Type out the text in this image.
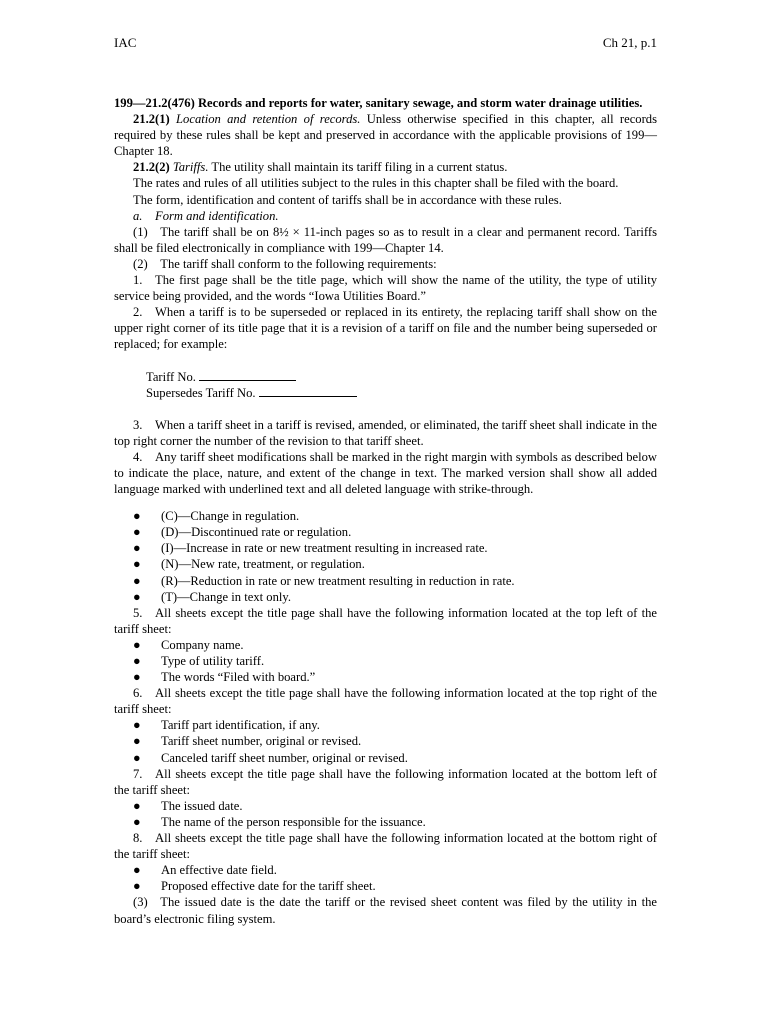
IAC	Ch 21, p.1

199—21.2(476) Records and reports for water, sanitary sewage, and storm water drainage utilities.

21.2(1) Location and retention of records. Unless otherwise specified in this chapter, all records required by these rules shall be kept and preserved in accordance with the applicable provisions of 199—Chapter 18.

21.2(2) Tariffs. The utility shall maintain its tariff filing in a current status.

The rates and rules of all utilities subject to the rules in this chapter shall be filed with the board.

The form, identification and content of tariffs shall be in accordance with these rules.

a. Form and identification.

(1) The tariff shall be on 8½ × 11-inch pages so as to result in a clear and permanent record. Tariffs shall be filed electronically in compliance with 199—Chapter 14.

(2) The tariff shall conform to the following requirements:

1. The first page shall be the title page, which will show the name of the utility, the type of utility service being provided, and the words “Iowa Utilities Board.”

2. When a tariff is to be superseded or replaced in its entirety, the replacing tariff shall show on the upper right corner of its title page that it is a revision of a tariff on file and the number being superseded or replaced; for example:

Tariff No.

Supersedes Tariff No.

3. When a tariff sheet in a tariff is revised, amended, or eliminated, the tariff sheet shall indicate in the top right corner the number of the revision to that tariff sheet.

4. Any tariff sheet modifications shall be marked in the right margin with symbols as described below to indicate the place, nature, and extent of the change in text. The marked version shall show all added language marked with underlined text and all deleted language with strike-through.

●	(C)—Change in regulation.

●	(D)—Discontinued rate or regulation.

●	(I)—Increase in rate or new treatment resulting in increased rate.

●	(N)—New rate, treatment, or regulation.

●	(R)—Reduction in rate or new treatment resulting in reduction in rate.

●	(T)—Change in text only.

5. All sheets except the title page shall have the following information located at the top left of the tariff sheet:

●	Company name.

●	Type of utility tariff.

●	The words “Filed with board.”

6. All sheets except the title page shall have the following information located at the top right of the tariff sheet:

●	Tariff part identification, if any.

●	Tariff sheet number, original or revised.

●	Canceled tariff sheet number, original or revised.

7. All sheets except the title page shall have the following information located at the bottom left of the tariff sheet:

●	The issued date.

●	The name of the person responsible for the issuance.

8. All sheets except the title page shall have the following information located at the bottom right of the tariff sheet:

●	An effective date field.

●	Proposed effective date for the tariff sheet.

(3) The issued date is the date the tariff or the revised sheet content was filed by the utility in the board’s electronic filing system.
